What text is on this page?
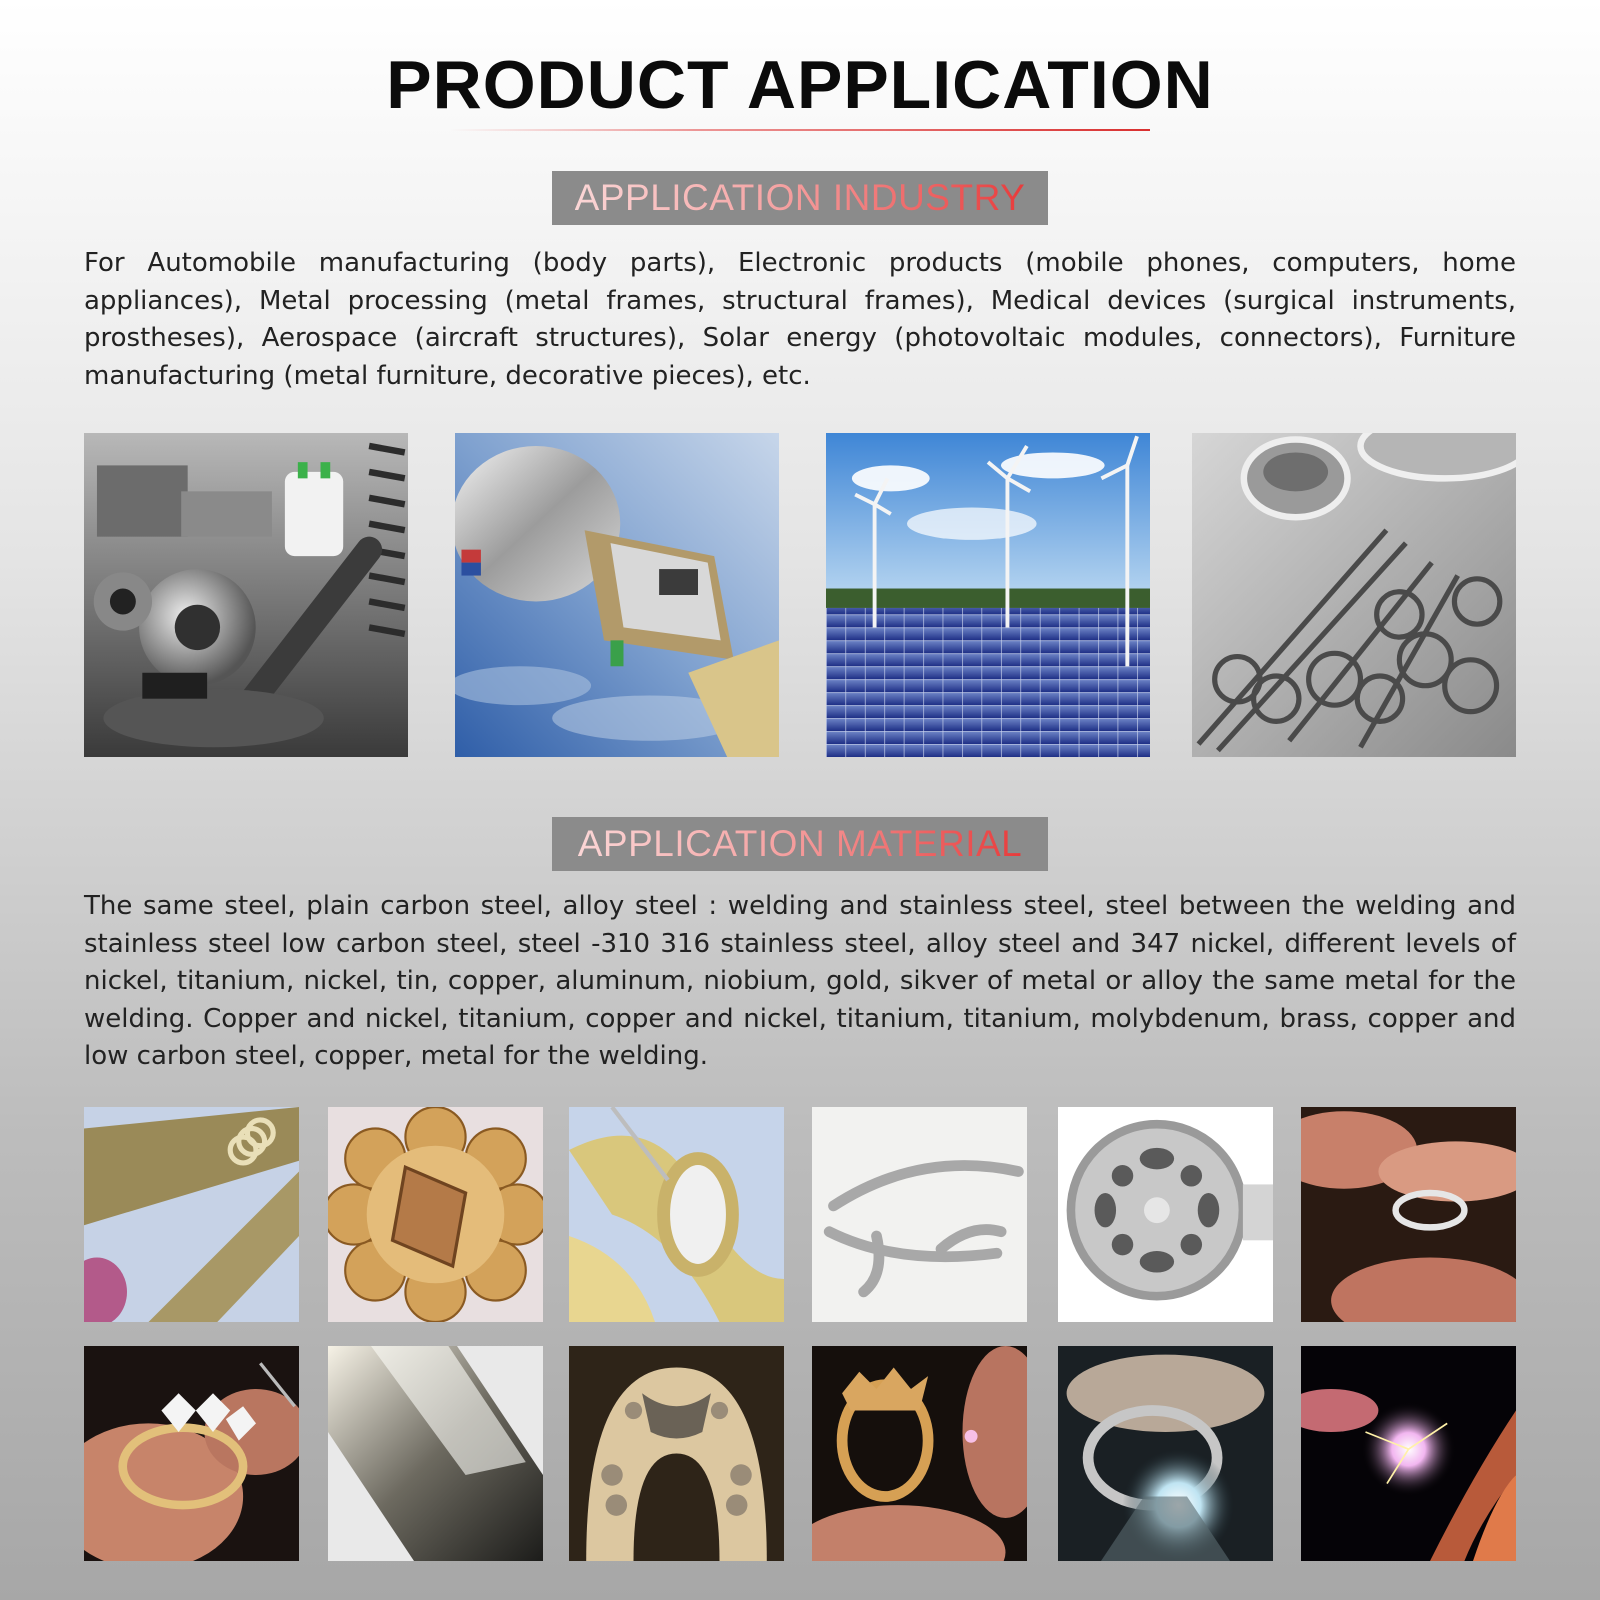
PRODUCT APPLICATION
APPLICATION INDUSTRY

For Automobile manufacturing (body parts), Electronic products (mobile phones, computers, home appliances), Metal processing (metal frames, structural frames), Medical devices (surgical instruments, prostheses), Aerospace (aircraft structures), Solar energy (photovoltaic modules, connectors), Furniture manufacturing (metal furniture, decorative pieces), etc.

APPLICATION MATERIAL

The same steel, plain carbon steel, alloy steel : welding and stainless steel, steel between the welding and stainless steel low carbon steel, steel -310 316 stainless steel, alloy steel and 347 nickel, different levels of nickel, titanium, nickel, tin, copper, aluminum, niobium, gold, sikver of metal or alloy the same metal for the welding. Copper and nickel, titanium, copper and nickel, titanium, titanium, molybdenum, brass, copper and low carbon steel, copper, metal for the welding.
